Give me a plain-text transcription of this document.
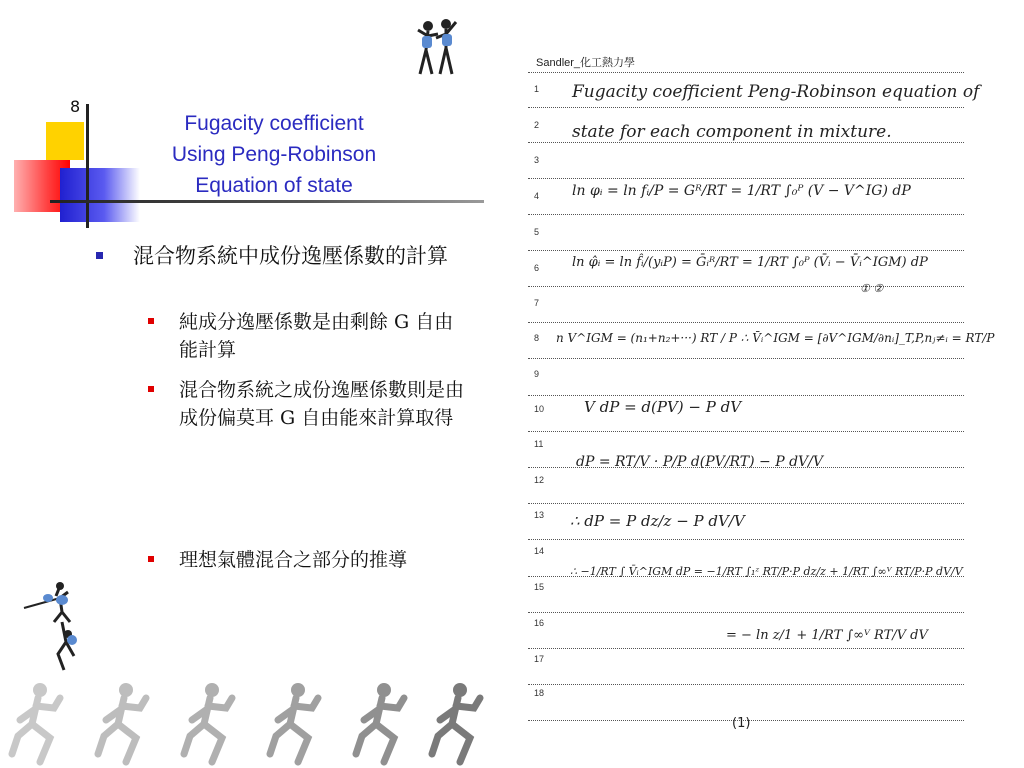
8
Fugacity coefficient
Using Peng-Robinson
Equation of state
混合物系統中成份逸壓係數的計算
純成分逸壓係數是由剩餘 G 自由能計算
混合物系統之成份逸壓係數則是由成份偏莫耳 G 自由能來計算取得
理想氣體混合之部分的推導
Sandler_化工熱力學
1
2
3
4
5
6
7
8
9
10
11
12
13
14
15
16
17
18
Fugacity coefficient Peng-Robinson equation of
state for each component in mixture.
ln φᵢ = ln fᵢ/P = Gᴿ/RT = 1/RT ∫₀ᴾ (V − V^IG) dP
ln φ̂ᵢ = ln f̂ᵢ/(yᵢP) = Ḡᵢᴿ/RT = 1/RT ∫₀ᴾ (V̄ᵢ − V̄ᵢ^IGM) dP
① ②
n V^IGM = (n₁+n₂+···) RT / P ∴ V̄ᵢ^IGM = [∂V^IGM/∂nᵢ]_T,P,nⱼ≠ᵢ = RT/P
V dP = d(PV) − P dV
dP = RT/V · P/P d(PV/RT) − P dV/V
∴ dP = P dz/z − P dV/V
∴ −1/RT ∫ V̄ᵢ^IGM dP = −1/RT ∫₁ᶻ RT/P·P dz/z + 1/RT ∫∞ⱽ RT/P·P dV/V
= − ln z/1 + 1/RT ∫∞ⱽ RT/V dV
(1)
